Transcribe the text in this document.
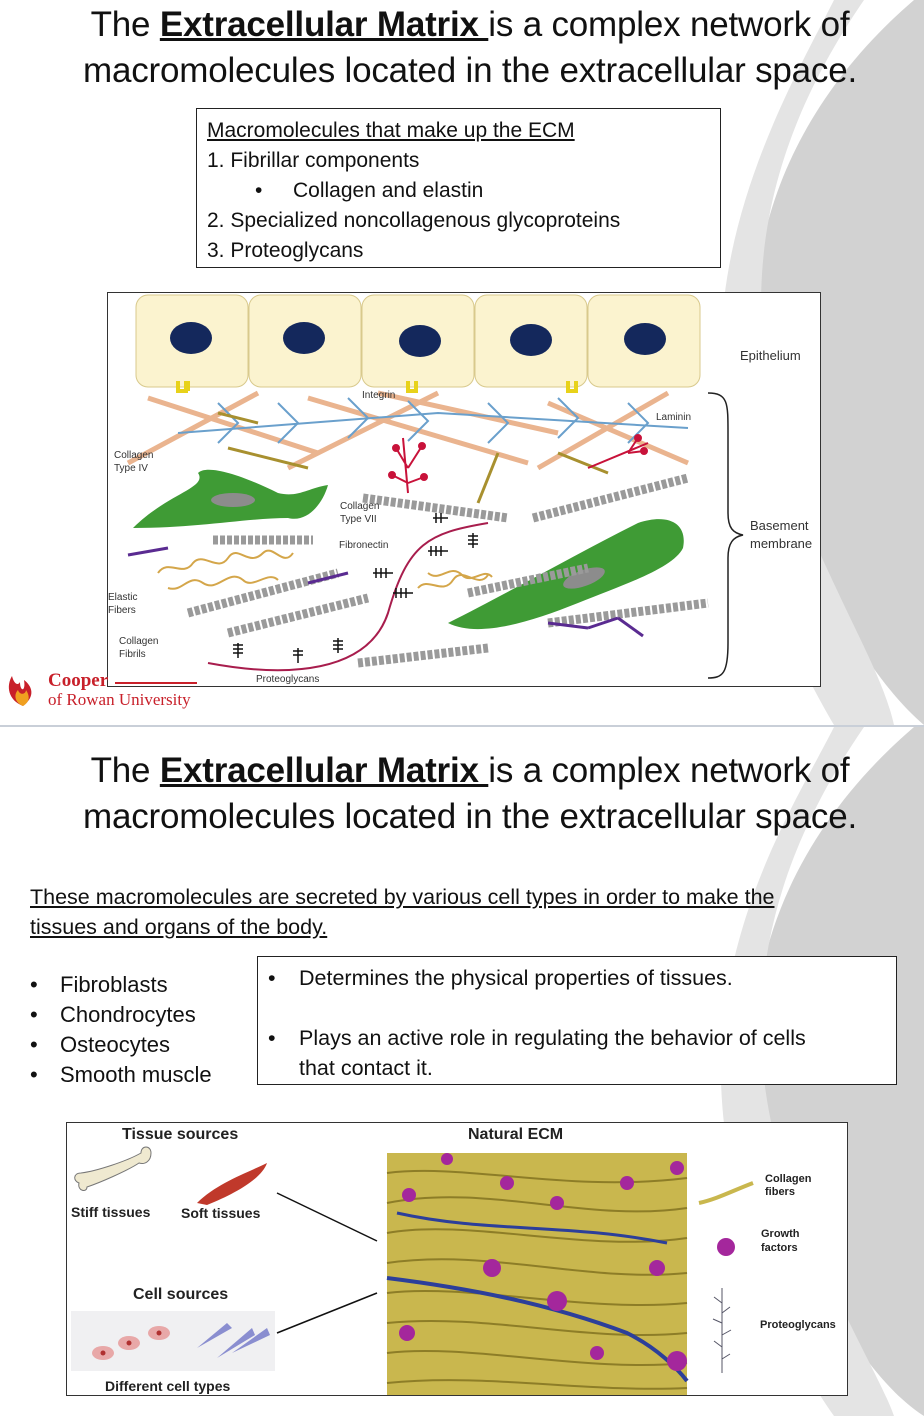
The Extracellular Matrix is a complex network of
macromolecules located in the extracellular space.
Macromolecules that make up the ECM
1. Fibrillar components
• Collagen and elastin
2. Specialized noncollagenous glycoproteins
3. Proteoglycans
Epithelium
Integrin
Laminin
Collagen
Type IV
Collagen
Type VII
Fibronectin
Basement
membrane
Elastic
Fibers
Collagen
Fibrils
Proteoglycans
Cooper
of Rowan University
The Extracellular Matrix is a complex network of
macromolecules located in the extracellular space.
These macromolecules are secreted by various cell types in order to make the
tissues and organs of the body.
• Fibroblasts
• Chondrocytes
• Osteocytes
• Smooth muscle
•	Determines the physical properties of tissues.
•	Plays an active role in regulating the behavior of cells
that contact it.
Tissue sources	Natural ECM
Stiff tissues Soft tissues
Cell sources
Different cell types
Collagen
fibers
Growth
factors
Proteoglycans
